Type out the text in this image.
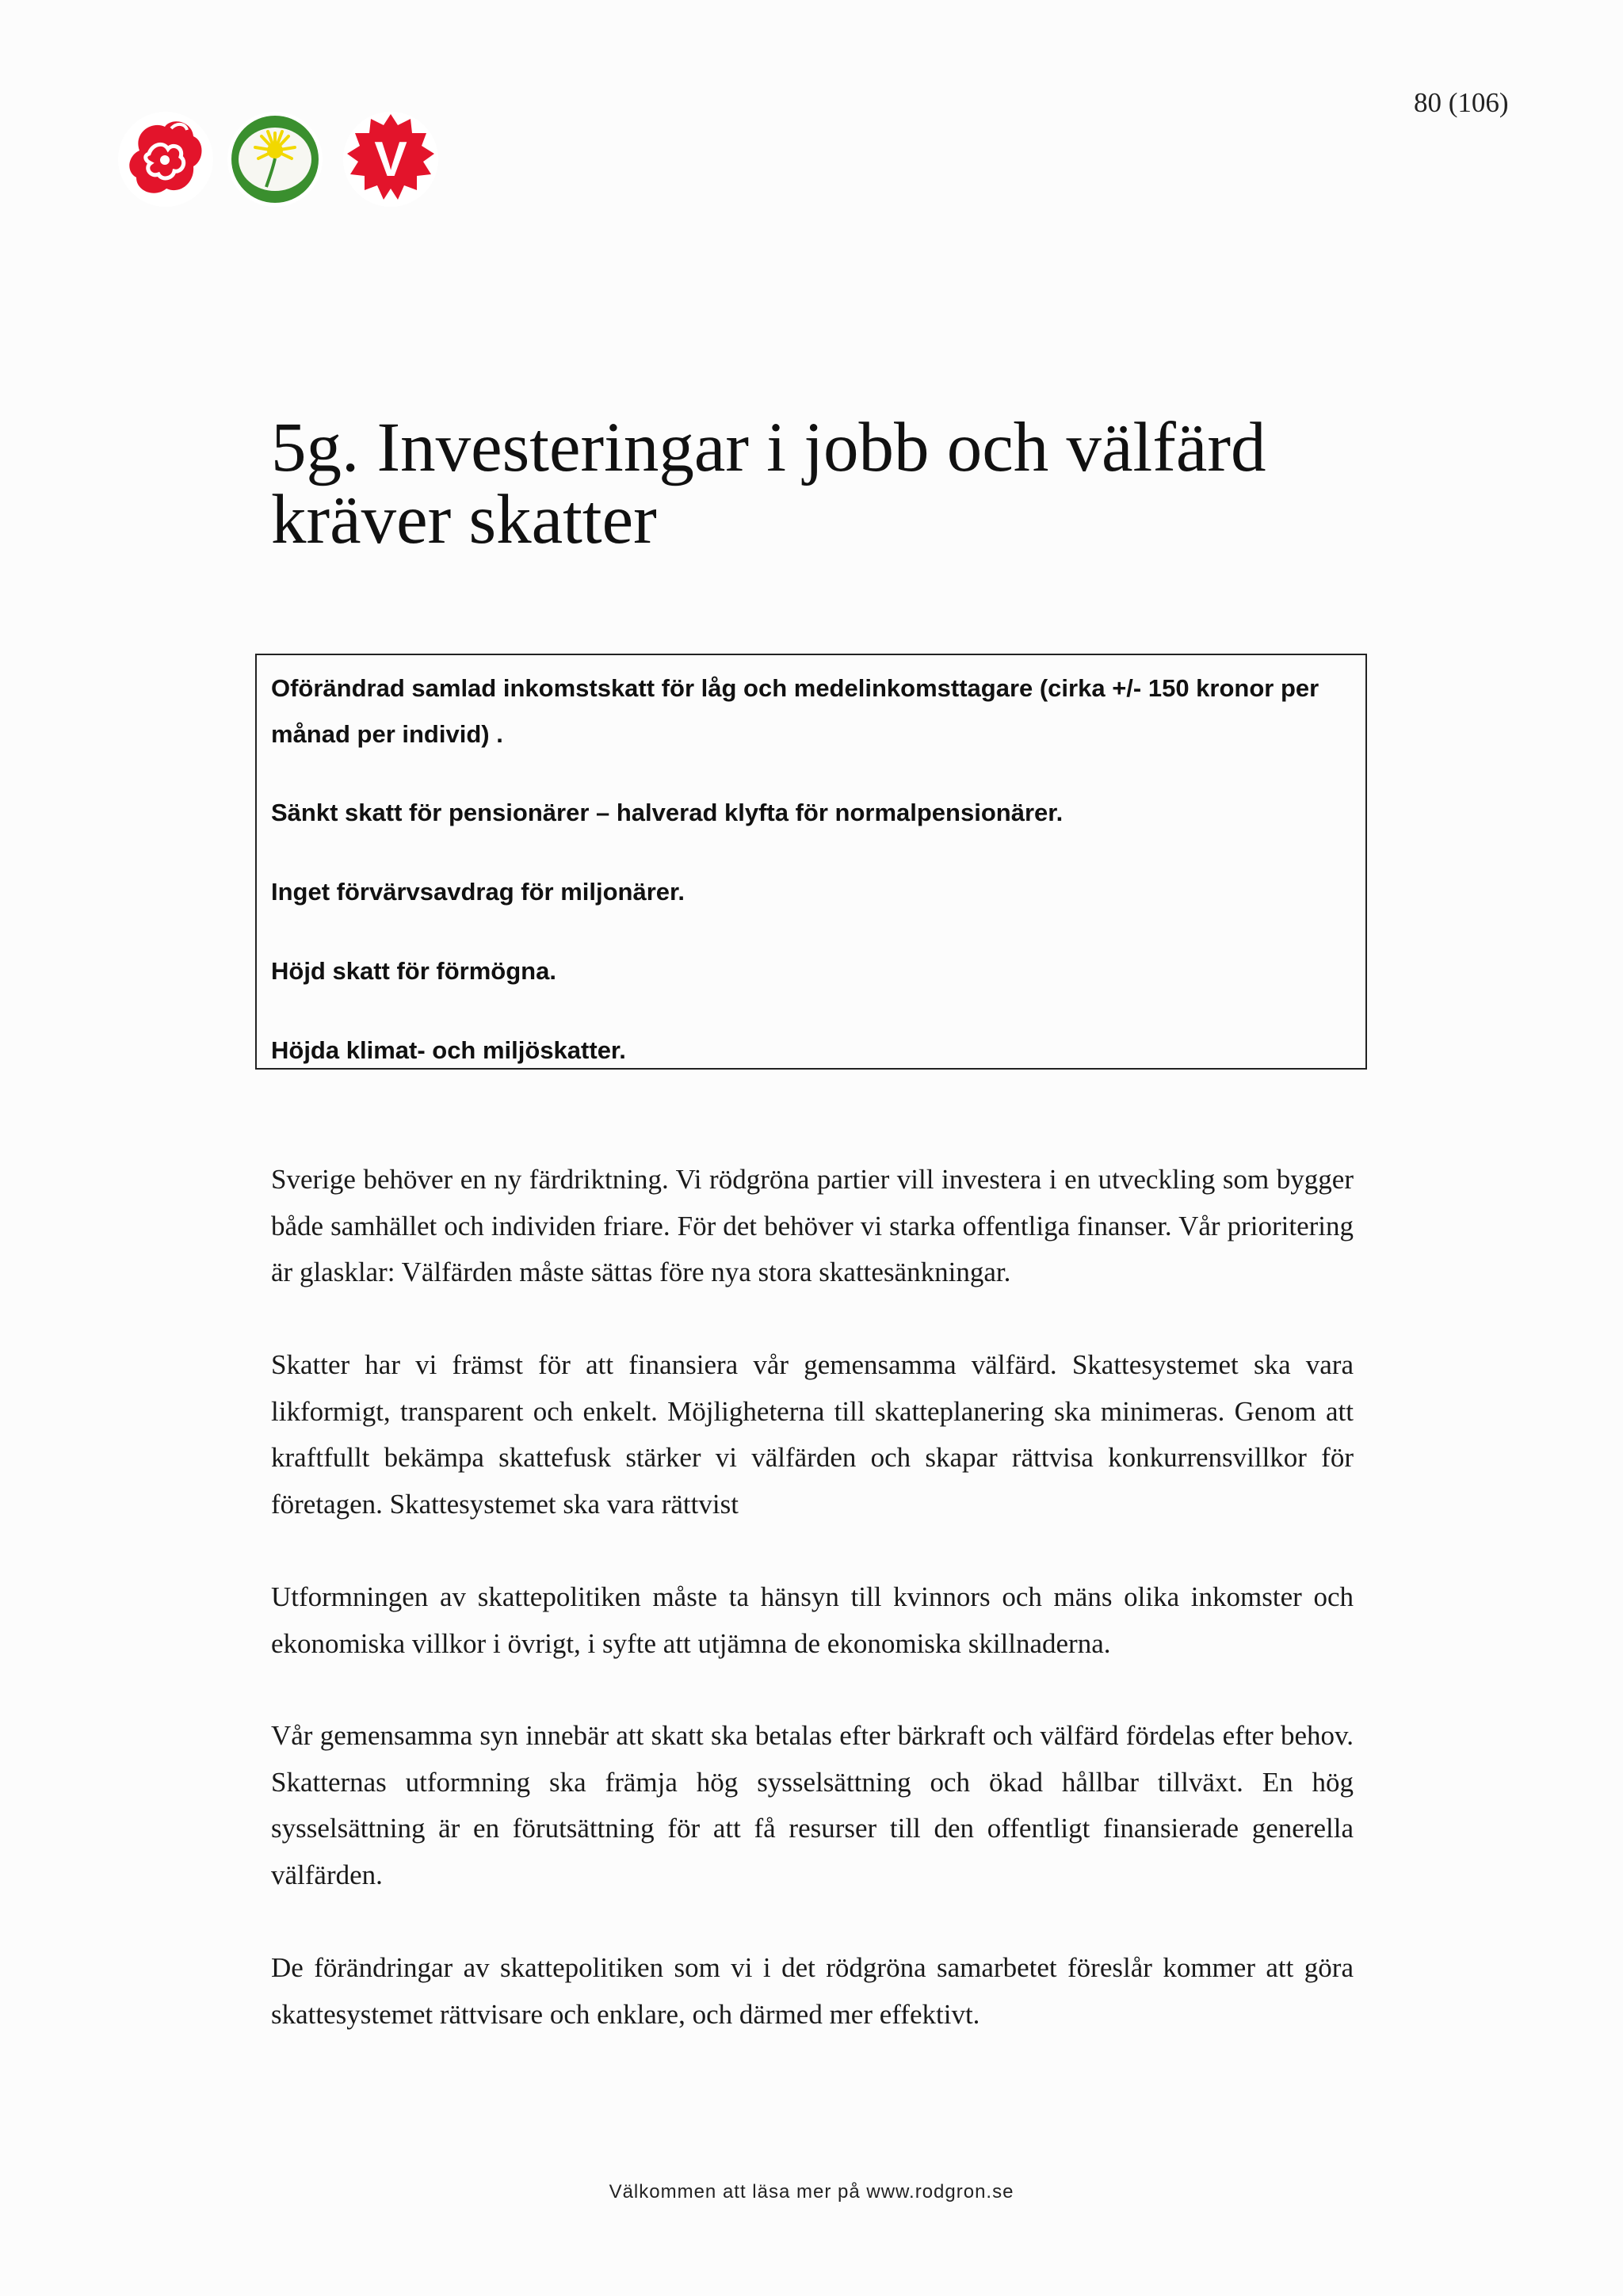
80 (106)
V
5g. Investeringar i jobb och välfärd
kräver skatter
Oförändrad samlad inkomstskatt för låg och medelinkomsttagare (cirka +/- 150 kronor per månad per individ) .
Sänkt skatt för pensionärer – halverad klyfta för normalpensionärer.
Inget förvärvsavdrag för miljonärer.
Höjd skatt för förmögna.
Höjda klimat- och miljöskatter.

Sverige behöver en ny färdriktning. Vi rödgröna partier vill investera i en utveckling som bygger både samhället och individen friare. För det behöver vi starka offentliga finanser. Vår prioritering är glasklar: Välfärden måste sättas före nya stora skattesänkningar.

Skatter har vi främst för att finansiera vår gemensamma välfärd. Skattesystemet ska vara likformigt, transparent och enkelt. Möjligheterna till skatteplanering ska minimeras. Genom att kraftfullt bekämpa skattefusk stärker vi välfärden och skapar rättvisa konkurrensvillkor för företagen. Skattesystemet ska vara rättvist

Utformningen av skattepolitiken måste ta hänsyn till kvinnors och mäns olika inkomster och ekonomiska villkor i övrigt, i syfte att utjämna de ekonomiska skillnaderna.

Vår gemensamma syn innebär att skatt ska betalas efter bärkraft och välfärd fördelas efter behov. Skatternas utformning ska främja hög sysselsättning och ökad hållbar tillväxt. En hög sysselsättning är en förutsättning för att få resurser till den offentligt finansierade generella välfärden.

De förändringar av skattepolitiken som vi i det rödgröna samarbetet föreslår kommer att göra skattesystemet rättvisare och enklare, och därmed mer effektivt.

Välkommen att läsa mer på www.rodgron.se
